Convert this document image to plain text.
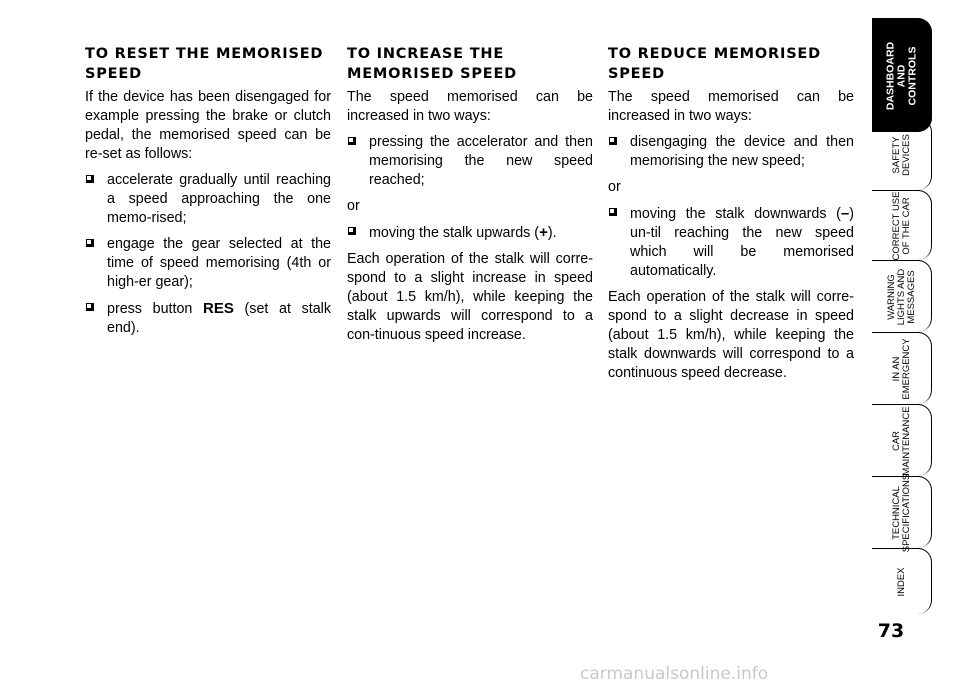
TO RESET THE MEMORISED SPEED
If the device has been disengaged for example pressing the brake or clutch pedal, the memorised speed can be re-set as follows:
accelerate gradually until reaching a speed approaching the one memo-rised;
engage the gear selected at the time of speed memorising (4th or high-er gear);
press button RES (set at stalk end).
TO INCREASE THE MEMORISED SPEED
The speed memorised can be increased in two ways:
pressing the accelerator and then memorising the new speed reached;
or
moving the stalk upwards (+).
Each operation of the stalk will corre-spond to a slight increase in speed (about 1.5 km/h), while keeping the stalk upwards will correspond to a con-tinuous speed increase.
TO REDUCE MEMORISED SPEED
The speed memorised can be increased in two ways:
disengaging the device and then memorising the new speed;
or
moving the stalk downwards (–) un-til reaching the new speed which will be memorised automatically.
Each operation of the stalk will corre-spond to a slight decrease in speed (about 1.5 km/h), while keeping the stalk downwards will correspond to a continuous speed decrease.
DASHBOARD
AND
CONTROLS
SAFETY
DEVICES
CORRECT USE
OF THE CAR
WARNING
LIGHTS AND
MESSAGES
IN AN
EMERGENCY
CAR
MAINTENANCE
TECHNICAL
SPECIFICATIONS
INDEX
73
carmanualsonline.info
